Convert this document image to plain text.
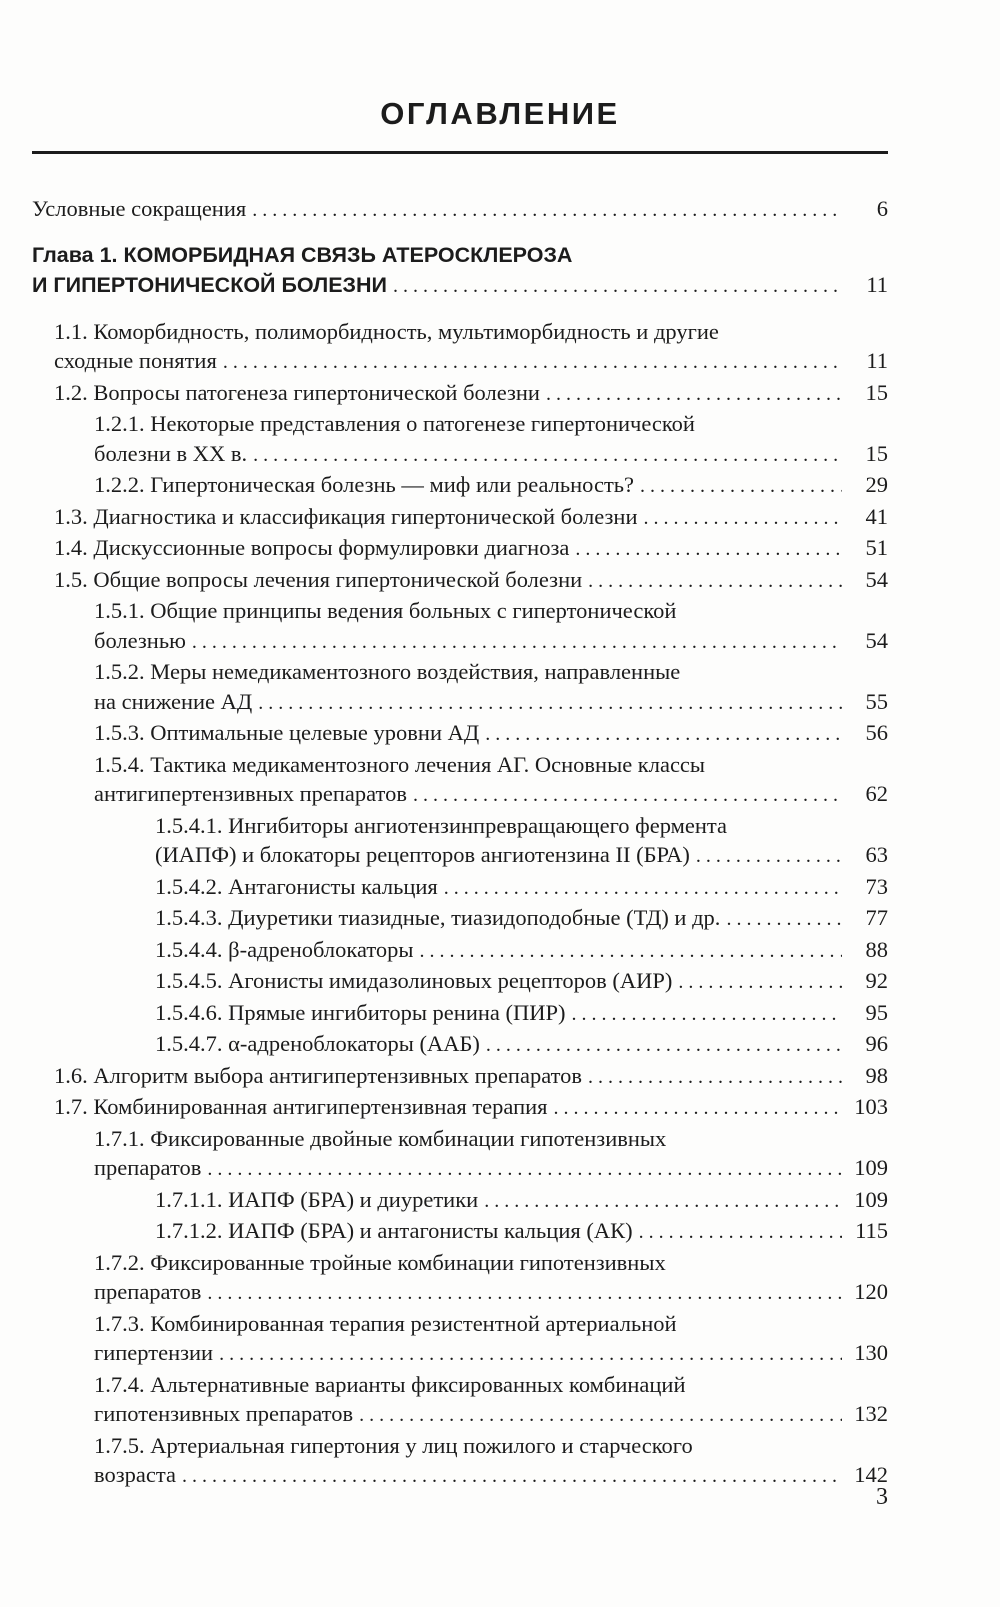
ОГЛАВЛЕНИЕ
Условные сокращения . . .	6
Глава 1. КОМОРБИДНАЯ СВЯЗЬ АТЕРОСКЛЕРОЗА
И ГИПЕРТОНИЧЕСКОЙ БОЛЕЗНИ . . .	11
1.1. Коморбидность, полиморбидность, мультиморбидность и другие
сходные понятия . . .	11
1.2. Вопросы патогенеза гипертонической болезни . . .	15
1.2.1. Некоторые представления о патогенезе гипертонической
болезни в XX в. . . .	15
1.2.2. Гипертоническая болезнь — миф или реальность? . . .	29
1.3. Диагностика и классификация гипертонической болезни . . .	41
1.4. Дискуссионные вопросы формулировки диагноза . . .	51
1.5. Общие вопросы лечения гипертонической болезни . . .	54
1.5.1. Общие принципы ведения больных с гипертонической
болезнью . . .	54
1.5.2. Меры немедикаментозного воздействия, направленные
на снижение АД . . .	55
1.5.3. Оптимальные целевые уровни АД . . .	56
1.5.4. Тактика медикаментозного лечения АГ. Основные классы
антигипертензивных препаратов . . .	62
1.5.4.1. Ингибиторы ангиотензинпревращающего фермента
(ИАПФ) и блокаторы рецепторов ангиотензина II (БРА) . . .	63
1.5.4.2. Антагонисты кальция . . .	73
1.5.4.3. Диуретики тиазидные, тиазидоподобные (ТД) и др. . . .	77
1.5.4.4. β-адреноблокаторы . . .	88
1.5.4.5. Агонисты имидазолиновых рецепторов (АИР) . . .	92
1.5.4.6. Прямые ингибиторы ренина (ПИР) . . .	95
1.5.4.7. α-адреноблокаторы (ААБ) . . .	96
1.6. Алгоритм выбора антигипертензивных препаратов . . .	98
1.7. Комбинированная антигипертензивная терапия . . .	103
1.7.1. Фиксированные двойные комбинации гипотензивных
препаратов . . .	109
1.7.1.1. ИАПФ (БРА) и диуретики . . .	109
1.7.1.2. ИАПФ (БРА) и антагонисты кальция (АК) . . .	115
1.7.2. Фиксированные тройные комбинации гипотензивных
препаратов . . .	120
1.7.3. Комбинированная терапия резистентной артериальной
гипертензии . . .	130
1.7.4. Альтернативные варианты фиксированных комбинаций
гипотензивных препаратов . . .	132
1.7.5. Артериальная гипертония у лиц пожилого и старческого
возраста . . .	142
3
